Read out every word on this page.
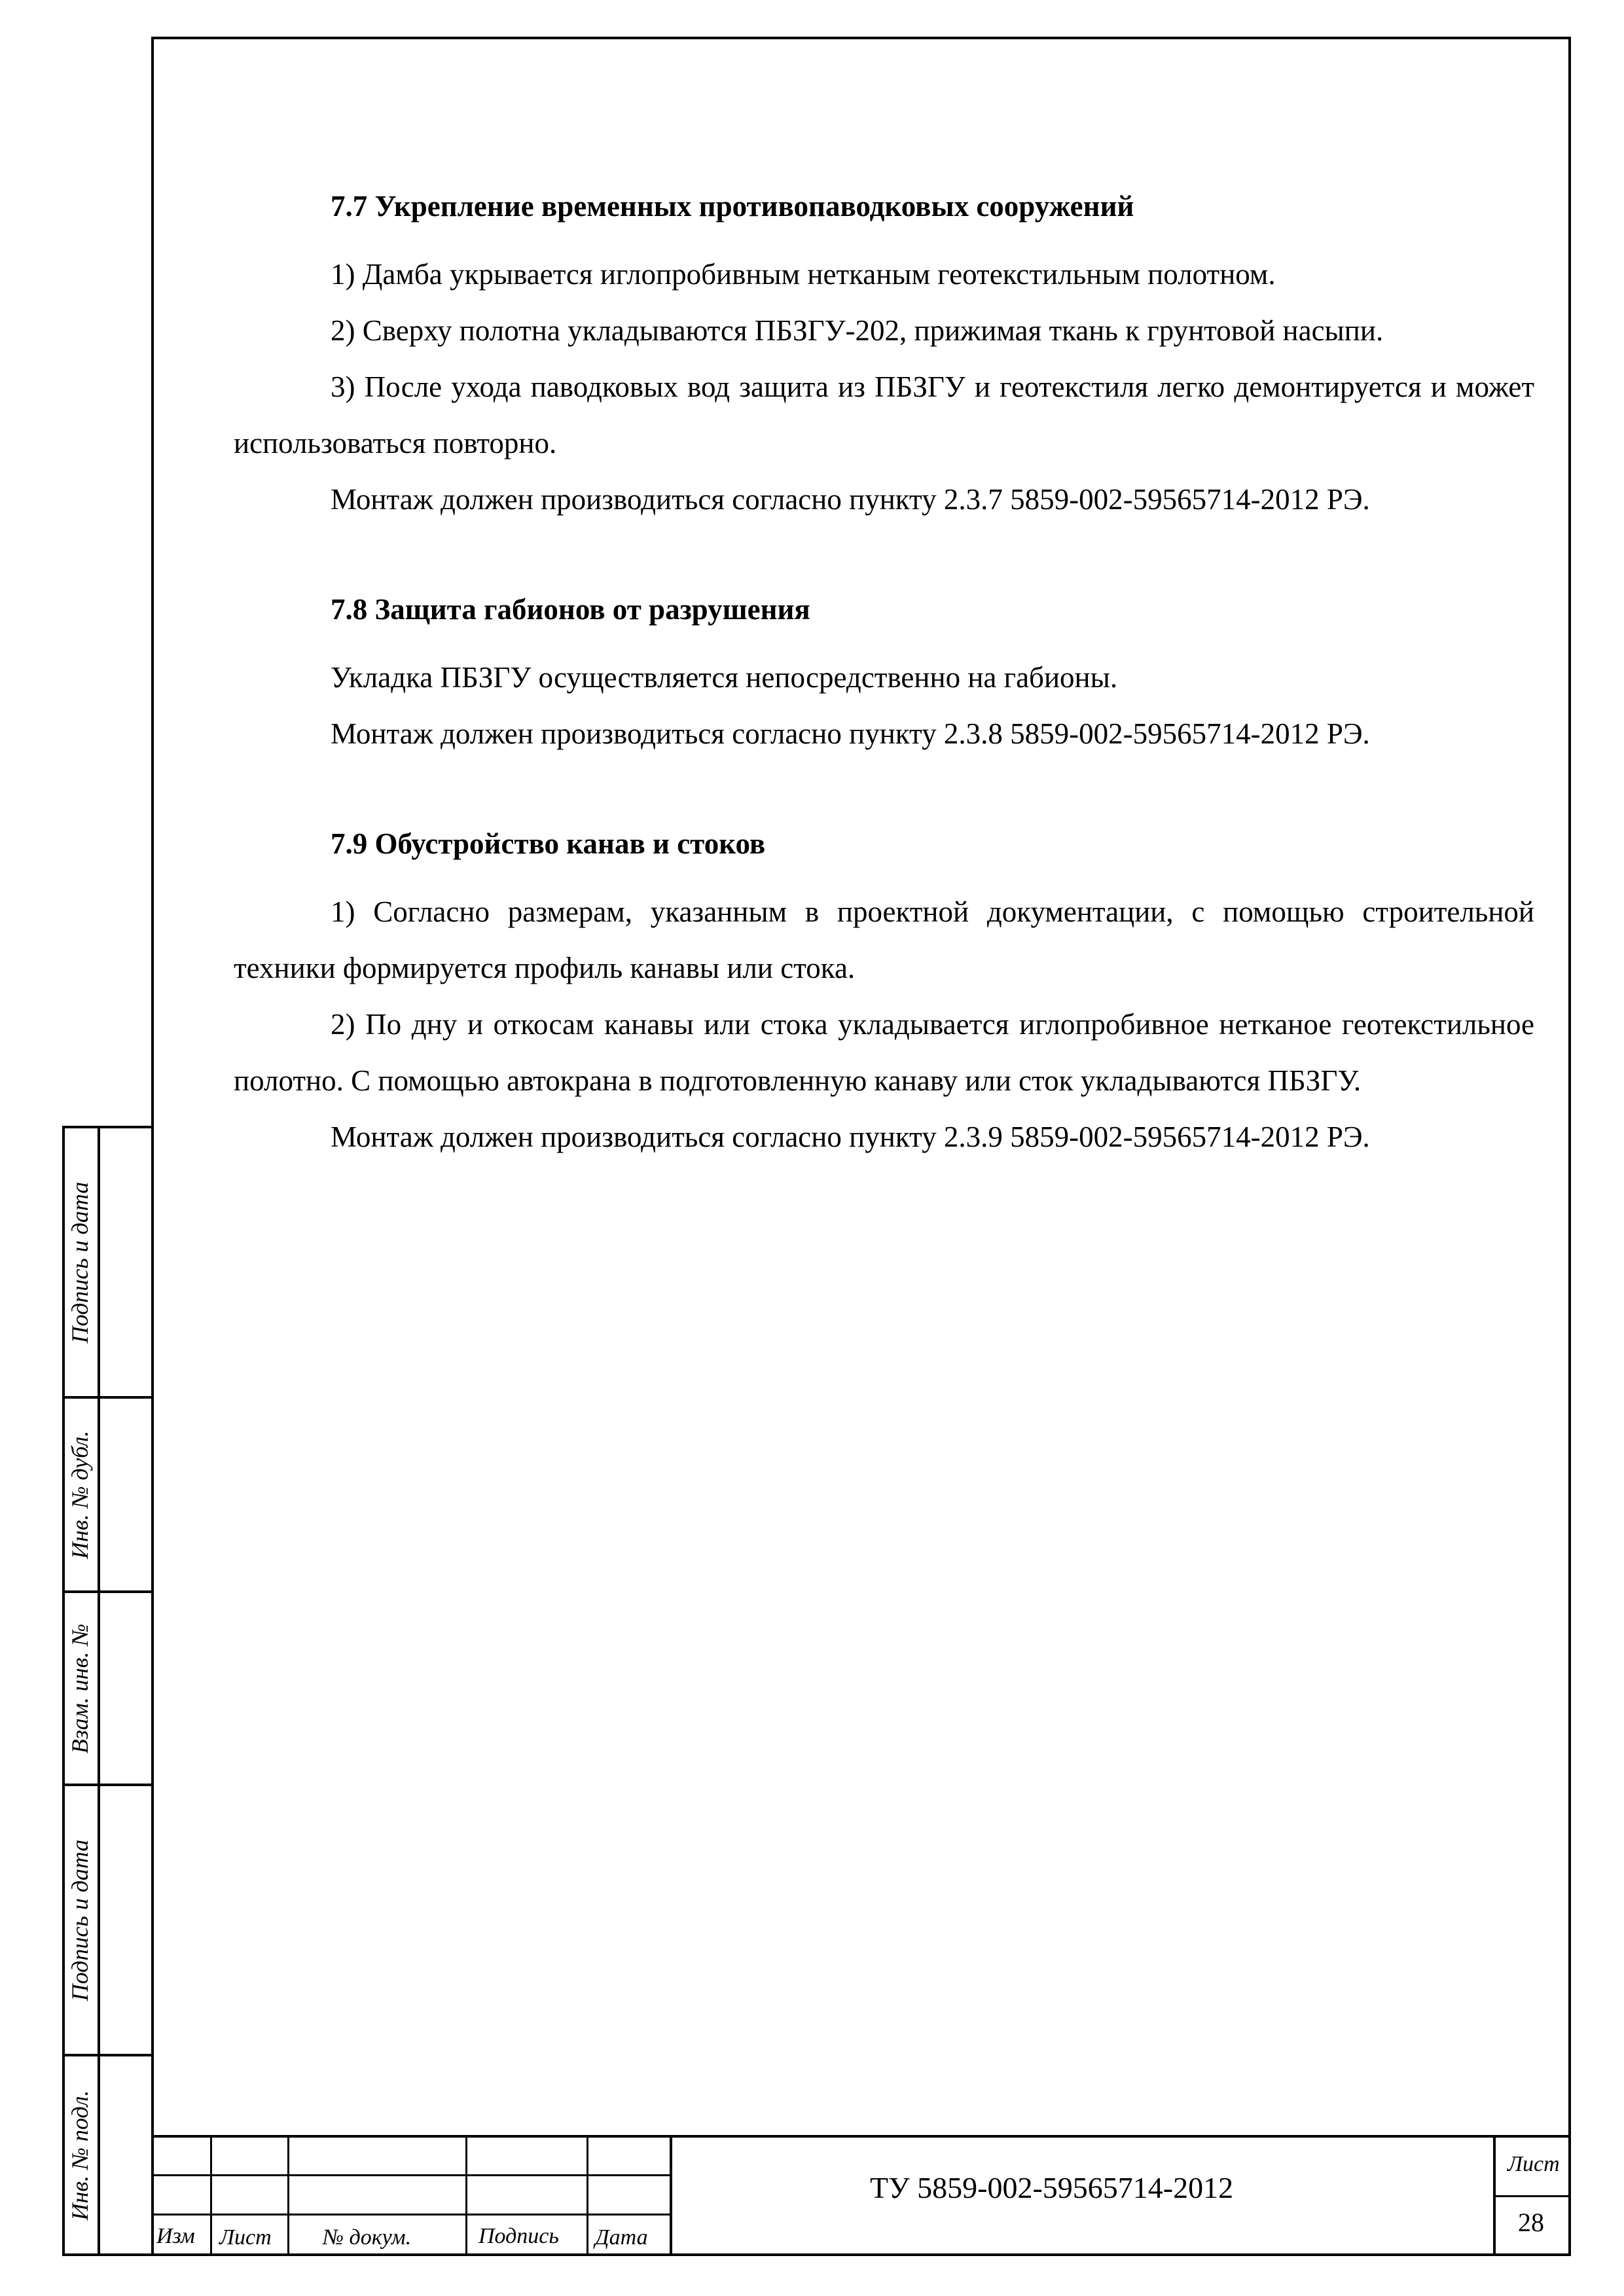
7.7 Укрепление временных противопаводковых сооружений

1) Дамба укрывается иглопробивным нетканым геотекстильным полотном.

2) Сверху полотна укладываются ПБЗГУ-202, прижимая ткань к грунтовой насыпи.

3) После ухода паводковых вод защита из ПБЗГУ и геотекстиля легко демонтируется и может использоваться повторно.

Монтаж должен производиться согласно пункту 2.3.7 5859-002-59565714-2012 РЭ.

7.8 Защита габионов от разрушения

Укладка ПБЗГУ осуществляется непосредственно на габионы.

Монтаж должен производиться согласно пункту 2.3.8 5859-002-59565714-2012 РЭ.

7.9 Обустройство канав и стоков

1) Согласно размерам, указанным в проектной документации, с помощью строительной техники формируется профиль канавы или стока.

2) По дну и откосам канавы или стока укладывается иглопробивное нетканое геотекстильное полотно. С помощью автокрана в подготовленную канаву или сток укладываются ПБЗГУ.

Монтаж должен производиться согласно пункту 2.3.9 5859-002-59565714-2012 РЭ.

Подпись и дата
Инв. № дубл.
Взам. инв. №
Подпись и дата
Инв. № подл.
Изм Лист № докум.	Подпись Дата
ТУ 5859-002-59565714-2012
Лист
28
